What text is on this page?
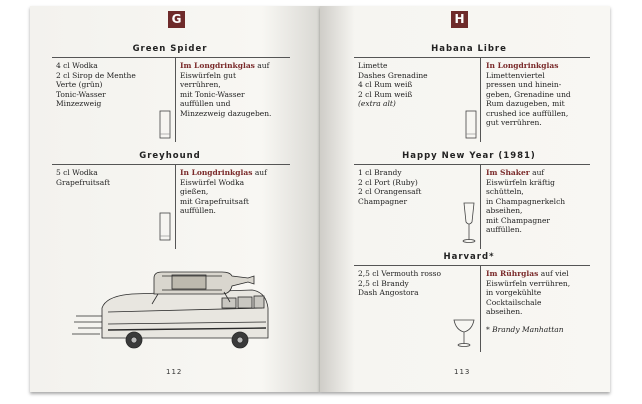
G
Green Spider
4 cl Wodka
2 cl Sirop de Menthe
Verte (grün)
Tonic-Wasser
Minzezweig
Im Longdrinkglas auf
Eiswürfeln gut
verrühren,
mit Tonic-Wasser
auffüllen und
Minzezweig dazugeben.
Greyhound
5 cl Wodka
Grapefruitsaft
In Longdrinkglas auf
Eiswürfel Wodka
gießen,
mit Grapefruitsaft
auffüllen.
112
H
Habana Libre
Limette
Dashes Grenadine
4 cl Rum weiß
2 cl Rum weiß
(extra alt)
In Longdrinkglas
Limettenviertel
pressen und hinein-
geben, Grenadine und
Rum dazugeben, mit
crushed ice auffüllen,
gut verrühren.
Happy New Year (1981)
1 cl Brandy
2 cl Port (Ruby)
2 cl Orangensaft
Champagner
Im Shaker auf
Eiswürfeln kräftig
schütteln,
in Champagnerkelch
abseihen,
mit Champagner
auffüllen.
Harvard*
2,5 cl Vermouth rosso
2,5 cl Brandy
Dash Angostora
Im Rührglas auf viel
Eiswürfeln verrühren,
in vorgekühlte
Cocktailschale
abseihen.
* Brandy Manhattan
113
